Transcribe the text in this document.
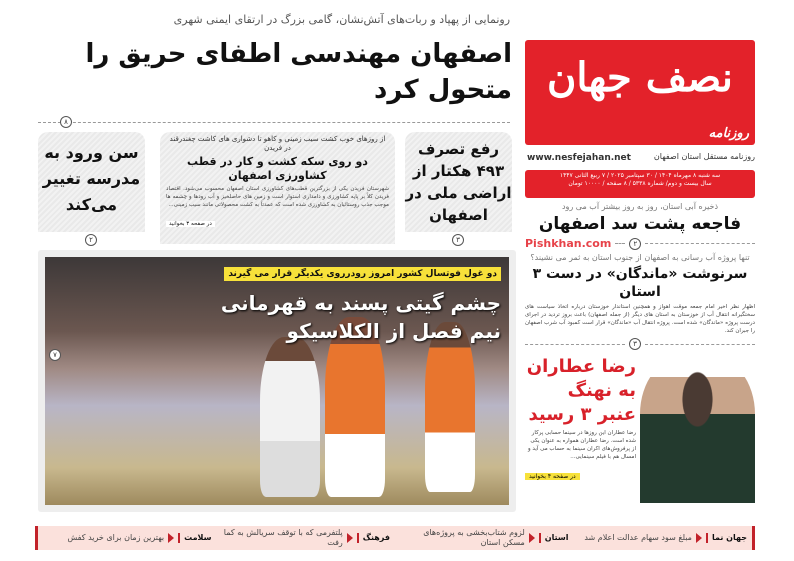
نصف جهان
روزنامه
www.nesfejahan.net	روزنامه مستقل استان اصفهان
سه شنبه ۸ مهرماه ۱۴۰۴ / ۳۰ سپتامبر ۲۰۲۵ / ۷ ربیع الثانی ۱۴۴۷
سال بیست و دوم/ شماره ۵۳۳۸ / ۸ صفحه / ۱۰۰۰۰ تومان
رونمایی از پهپاد و ربات‌های آتش‌نشان، گامی بزرگ در ارتقای ایمنی شهری
اصفهان مهندسی اطفای حریق را متحول کرد
۸
رفع تصرف ۴۹۳ هکتار از اراضی ملی در اصفهان
۳
از روزهای خوب کشت سیب زمینی و کاهو تا دشواری های کاشت چغندرقند در فریدن
دو روی سکه کشت و کار در قطب کشاورزی اصفهان
شهرستان فریدن یکی از بزرگترین قطب‌های کشاورزی استان اصفهان محسوب می‌شود. اقتصاد فریدن کلاً بر پایه کشاورزی و دامداری استوار است و زمین های حاصلخیز و آب رودها و چشمه ها موجب جذب روستائیان به کشاورزی شده است که عمدتاً به کشت محصولاتی مانند سیب زمینی...
در صفحه ۳ بخوانید
سن ورود به مدرسه تغییر می‌کند
۲
دو غول فوتسال کشور امروز رودرروی یکدیگر قرار می گیرند
چشم گیتی پسند به قهرمانی
نیم فصل از الکلاسیکو
۷
ذخیره آبی استان، روز به روز بیشتر آب می رود
فاجعه پشت سد اصفهان
۲
Pishkhan.com
تنها پروژه آب رسانی به اصفهان از جنوب استان به ثمر می نشیند؟
سرنوشت «ماندگان» در دست ۳ استان
اظهار نظر اخیر امام جمعه موقت اهواز و همچنین استاندار خوزستان درباره اتخاذ سیاست های سختگیرانه انتقال آب از خوزستان به استان های دیگر (از جمله اصفهان) باعث بروز تردید در اجرای درست پروژه «ماندگان» شده است. پروژه انتقال آب «ماندگان» قرار است کمبود آب شرب اصفهان را جبران کند.
۳
رضا عطاران به نهنگ عنبر ۳ رسید
رضا عطاران این روزها در سینما حسابی پرکار شده است. رضا عطاران همواره به عنوان یکی از پرفروش‌های اکران سینما به حساب می آید و امسال هم با فیلم سینمایی...
در صفحه ۴ بخوانید
جهان نما
مبلغ سود سهام عدالت اعلام شد
استان
لزوم شتاب‌بخشی به پروژه‌های مسکن استان
فرهنگ
پلتفرمی که با توقف سریالش به کما رفت
سلامت
بهترین زمان برای خرید کفش
